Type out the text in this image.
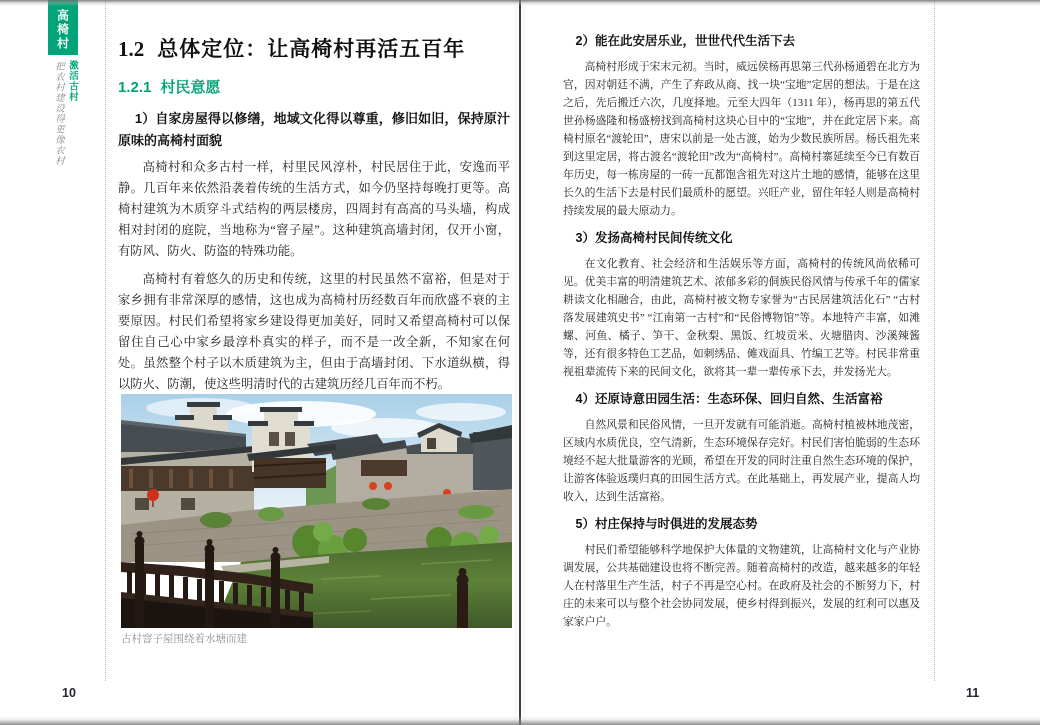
高椅村
激活古村
把农村建设得更像农村
1.2 总体定位：让高椅村再活五百年
1.2.1 村民意愿
1）自家房屋得以修缮，地域文化得以尊重，修旧如旧，保持原汁原味的高椅村面貌

高椅村和众多古村一样，村里民风淳朴，村民居住于此，安逸而平静。几百年来依然沿袭着传统的生活方式，如今仍坚持每晚打更等。高椅村建筑为木质穿斗式结构的两层楼房，四周封有高高的马头墙，构成相对封闭的庭院，当地称为“窨子屋”。这种建筑高墙封闭，仅开小窗，有防风、防火、防盗的特殊功能。

高椅村有着悠久的历史和传统，这里的村民虽然不富裕，但是对于家乡拥有非常深厚的感情，这也成为高椅村历经数百年而欣盛不衰的主要原因。村民们希望将家乡建设得更加美好，同时又希望高椅村可以保留住自己心中家乡最淳朴真实的样子，而不是一改全新，不知家在何处。虽然整个村子以木质建筑为主，但由于高墙封闭、下水道纵横，得以防火、防潮，使这些明清时代的古建筑历经几百年而不朽。

古村窨子屋围绕着水塘而建
2）能在此安居乐业，世世代代生活下去

高椅村形成于宋末元初。当时，威远侯杨再思第三代孙杨通碧在北方为官，因对朝廷不满，产生了弃政从商、找一块“宝地”定居的想法。于是在这之后，先后搬迁六次，几度择地。元至大四年（1311 年），杨再思的第五代世孙杨盛隆和杨盛榜找到高椅村这块心目中的“宝地”，并在此定居下来。高椅村原名“渡轮田”，唐宋以前是一处古渡，始为少数民族所居。杨氏祖先来到这里定居，将古渡名“渡轮田”改为“高椅村”。高椅村寨延续至今已有数百年历史，每一栋房屋的一砖一瓦都饱含祖先对这片土地的感情，能够在这里长久的生活下去是村民们最质朴的愿望。兴旺产业，留住年轻人则是高椅村持续发展的最大原动力。

3）发扬高椅村民间传统文化

在文化教育、社会经济和生活娱乐等方面，高椅村的传统风尚依稀可见。优美丰富的明清建筑艺术、浓郁多彩的侗族民俗风情与传承千年的儒家耕读文化相融合，由此，高椅村被文物专家誉为“古民居建筑活化石” “古村落发展建筑史书” “江南第一古村”和“民俗博物馆”等。本地特产丰富，如滩螺、河鱼、橘子、笋干、金秋梨、黑饭、红坡贡米、火塘腊肉、沙溪辣酱等，还有很多特色工艺品，如刺绣品、傩戏面具、竹编工艺等。村民非常重视祖辈流传下来的民间文化，欲将其一辈一辈传承下去，并发扬光大。

4）还原诗意田园生活：生态环保、回归自然、生活富裕

自然风景和民俗风情，一旦开发就有可能消逝。高椅村植被林地茂密，区域内水质优良，空气清新，生态环境保存完好。村民们害怕脆弱的生态环境经不起大批量游客的光顾，希望在开发的同时注重自然生态环境的保护，让游客体验返璞归真的田园生活方式。在此基础上，再发展产业，提高人均收入，达到生活富裕。

5）村庄保持与时俱进的发展态势

村民们希望能够科学地保护大体量的文物建筑，让高椅村文化与产业协调发展，公共基础建设也将不断完善。随着高椅村的改造，越来越多的年轻人在村落里生产生活，村子不再是空心村。在政府及社会的不断努力下，村庄的未来可以与整个社会协同发展，使乡村得到振兴，发展的红利可以惠及家家户户。

10	11
